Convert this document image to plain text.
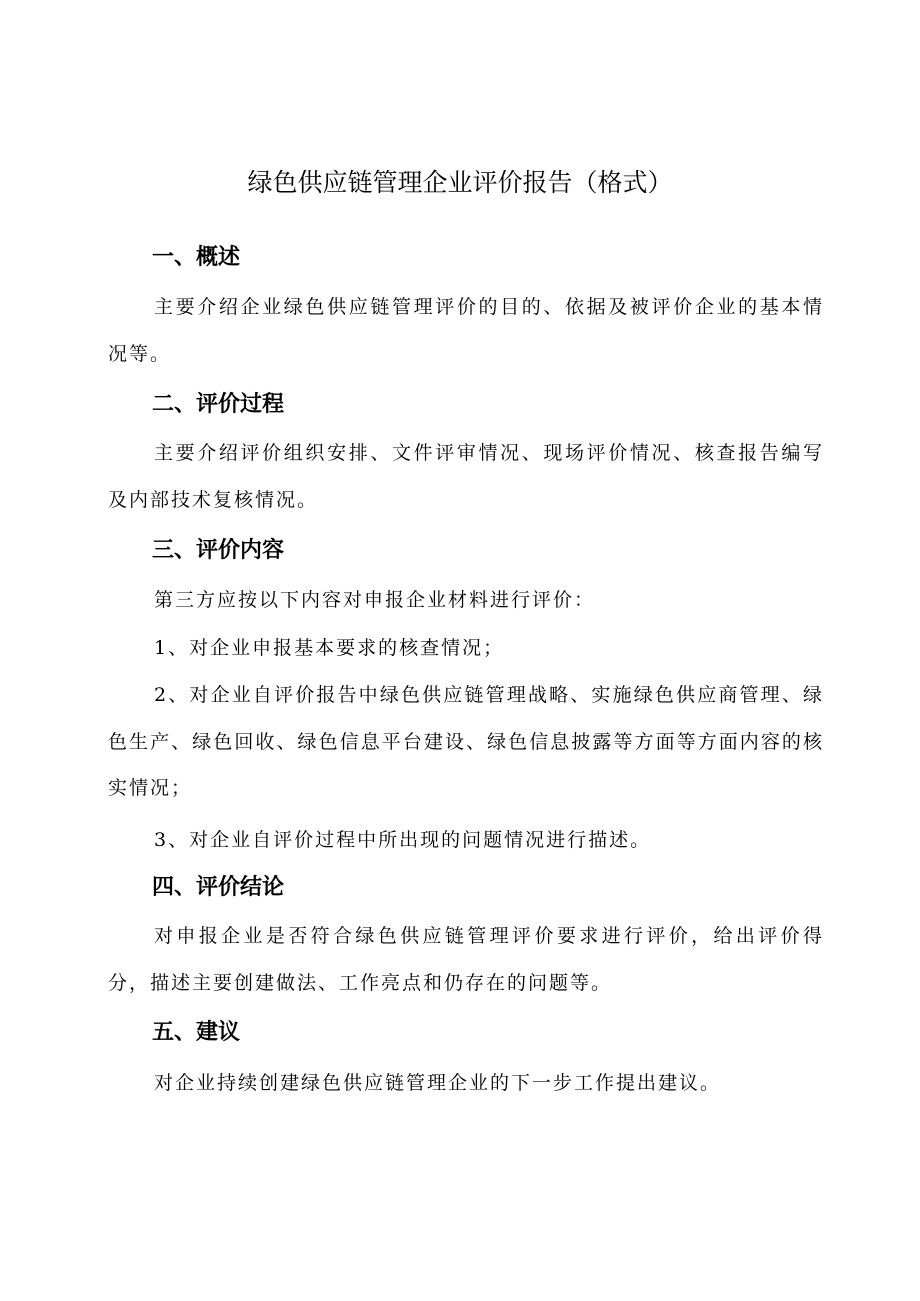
绿色供应链管理企业评价报告（格式）
一、概述

主要介绍企业绿色供应链管理评价的目的、依据及被评价企业的基本情况等。

二、评价过程

主要介绍评价组织安排、文件评审情况、现场评价情况、核查报告编写及内部技术复核情况。

三、评价内容
第三方应按以下内容对申报企业材料进行评价：
1、对企业申报基本要求的核查情况；

2、对企业自评价报告中绿色供应链管理战略、实施绿色供应商管理、绿色生产、绿色回收、绿色信息平台建设、绿色信息披露等方面等方面内容的核实情况；

3、对企业自评价过程中所出现的问题情况进行描述。
四、评价结论

对申报企业是否符合绿色供应链管理评价要求进行评价，给出评价得分，描述主要创建做法、工作亮点和仍存在的问题等。

五、建议
对企业持续创建绿色供应链管理企业的下一步工作提出建议。
